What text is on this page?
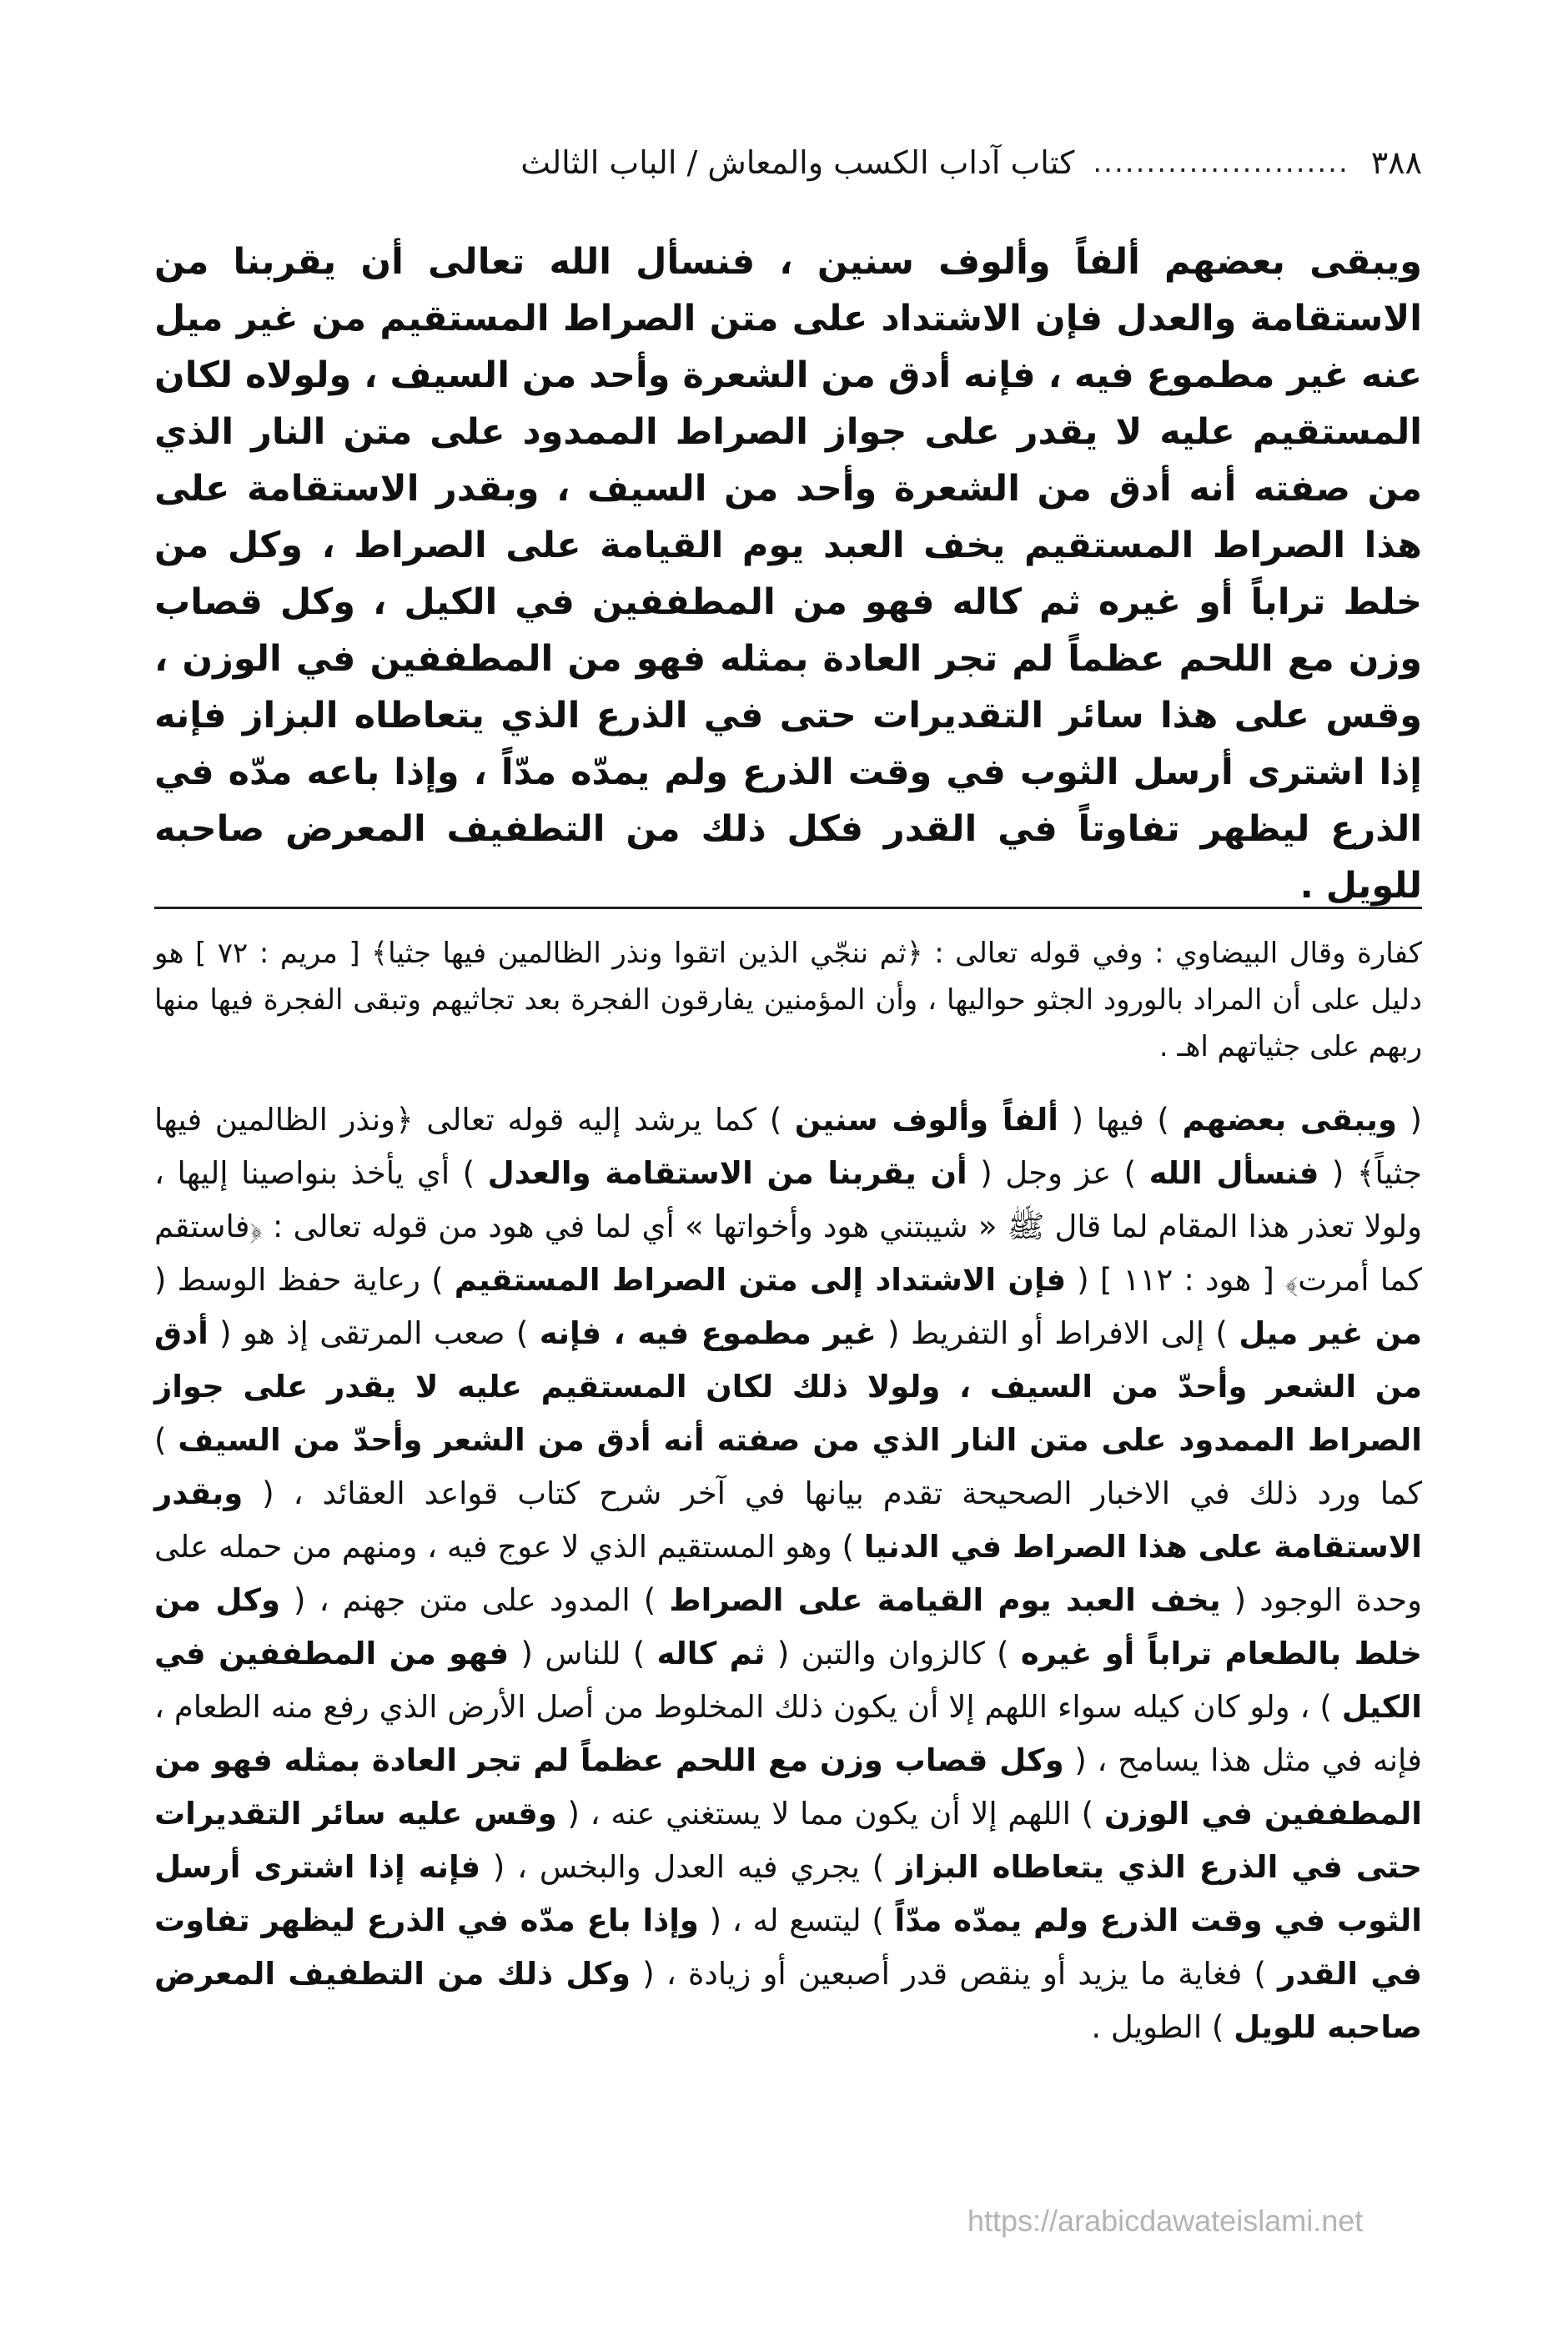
٣٨٨
........................
كتاب آداب الكسب والمعاش / الباب الثالث

ويبقى بعضهم ألفاً وألوف سنين ، فنسأل الله تعالى أن يقربنا من الاستقامة والعدل فإن الاشتداد على متن الصراط المستقيم من غير ميل عنه غير مطموع فيه ، فإنه أدق من الشعرة وأحد من السيف ، ولولاه لكان المستقيم عليه لا يقدر على جواز الصراط الممدود على متن النار الذي من صفته أنه أدق من الشعرة وأحد من السيف ، وبقدر الاستقامة على هذا الصراط المستقيم يخف العبد يوم القيامة على الصراط ، وكل من خلط تراباً أو غيره ثم كاله فهو من المطففين في الكيل ، وكل قصاب وزن مع اللحم عظماً لم تجر العادة بمثله فهو من المطففين في الوزن ، وقس على هذا سائر التقديرات حتى في الذرع الذي يتعاطاه البزاز فإنه إذا اشترى أرسل الثوب في وقت الذرع ولم يمدّه مدّاً ، وإذا باعه مدّه في الذرع ليظهر تفاوتاً في القدر فكل ذلك من التطفيف المعرض صاحبه للويل .

كفارة وقال البيضاوي : وفي قوله تعالى : ﴿ثم ننجّي الذين اتقوا ونذر الظالمين فيها جثيا﴾ [ مريم : ٧٢ ] هو دليل على أن المراد بالورود الجثو حواليها ، وأن المؤمنين يفارقون الفجرة بعد تجاثيهم وتبقى الفجرة فيها منها ربهم على جثياتهم اهـ .

( ويبقى بعضهم ) فيها ( ألفاً وألوف سنين ) كما يرشد إليه قوله تعالى ﴿ونذر الظالمين فيها جثياً﴾ ( فنسأل الله ) عز وجل ( أن يقربنا من الاستقامة والعدل ) أي يأخذ بنواصينا إليها ، ولولا تعذر هذا المقام لما قال ﷺ « شيبتني هود وأخواتها » أي لما في هود من قوله تعالى : ﴿فاستقم كما أمرت﴾ [ هود : ١١٢ ] ( فإن الاشتداد إلى متن الصراط المستقيم ) رعاية حفظ الوسط ( من غير ميل ) إلى الافراط أو التفريط ( غير مطموع فيه ، فإنه ) صعب المرتقى إذ هو ( أدق من الشعر وأحدّ من السيف ، ولولا ذلك لكان المستقيم عليه لا يقدر على جواز الصراط الممدود على متن النار الذي من صفته أنه أدق من الشعر وأحدّ من السيف ) كما ورد ذلك في الاخبار الصحيحة تقدم بيانها في آخر شرح كتاب قواعد العقائد ، ( وبقدر الاستقامة على هذا الصراط في الدنيا ) وهو المستقيم الذي لا عوج فيه ، ومنهم من حمله على وحدة الوجود ( يخف العبد يوم القيامة على الصراط ) المدود على متن جهنم ، ( وكل من خلط بالطعام تراباً أو غيره ) كالزوان والتبن ( ثم كاله ) للناس ( فهو من المطففين في الكيل ) ، ولو كان كيله سواء اللهم إلا أن يكون ذلك المخلوط من أصل الأرض الذي رفع منه الطعام ، فإنه في مثل هذا يسامح ، ( وكل قصاب وزن مع اللحم عظماً لم تجر العادة بمثله فهو من المطففين في الوزن ) اللهم إلا أن يكون مما لا يستغني عنه ، ( وقس عليه سائر التقديرات حتى في الذرع الذي يتعاطاه البزاز ) يجري فيه العدل والبخس ، ( فإنه إذا اشترى أرسل الثوب في وقت الذرع ولم يمدّه مدّاً ) ليتسع له ، ( وإذا باع مدّه في الذرع ليظهر تفاوت في القدر ) فغاية ما يزيد أو ينقص قدر أصبعين أو زيادة ، ( وكل ذلك من التطفيف المعرض صاحبه للويل ) الطويل .

https://arabicdawateislami.net
